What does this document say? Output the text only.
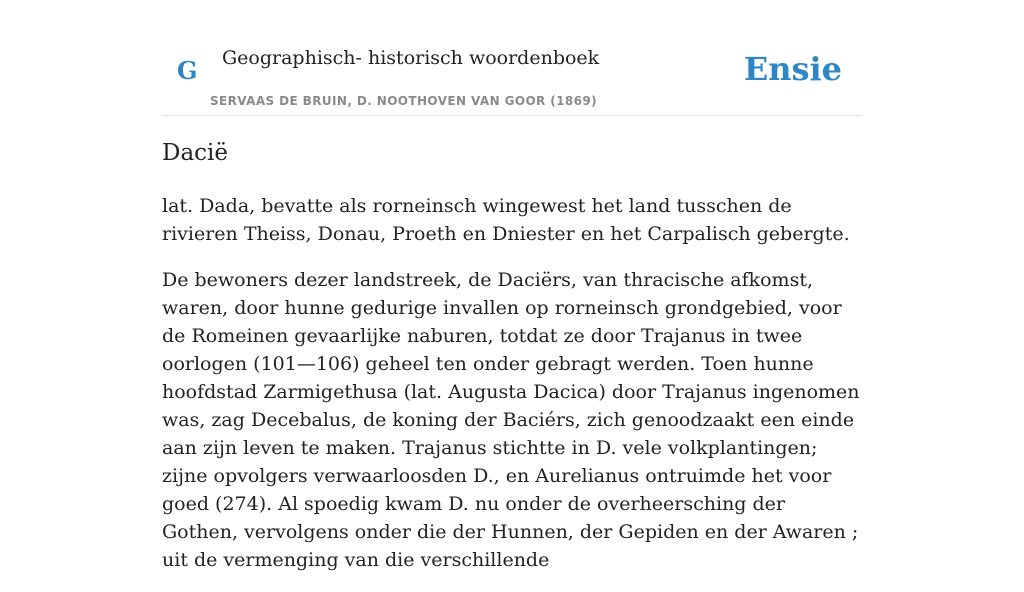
G Geographisch- historisch woordenboek
SERVAAS DE BRUIN, D. NOOTHOVEN VAN GOOR (1869)
Ensie
Dacië

lat. Dada, bevatte als rorneinsch wingewest het land tusschen de rivieren Theiss, Donau, Proeth en Dniester en het Carpalisch gebergte.

De bewoners dezer landstreek, de Daciërs, van thracische afkomst, waren, door hunne gedurige invallen op rorneinsch grondgebied, voor de Romeinen gevaarlijke naburen, totdat ze door Trajanus in twee oorlogen (101—106) geheel ten onder gebragt werden. Toen hunne hoofdstad Zarmigethusa (lat. Augusta Dacica) door Trajanus ingenomen was, zag Decebalus, de koning der Baciérs, zich genoodzaakt een einde aan zijn leven te maken. Trajanus stichtte in D. vele volkplantingen; zijne opvolgers verwaarloosden D., en Aurelianus ontruimde het voor goed (274). Al spoedig kwam D. nu onder de overheersching der Gothen, vervolgens onder die der Hunnen, der Gepiden en der Awaren ; uit de vermenging van die verschillende
